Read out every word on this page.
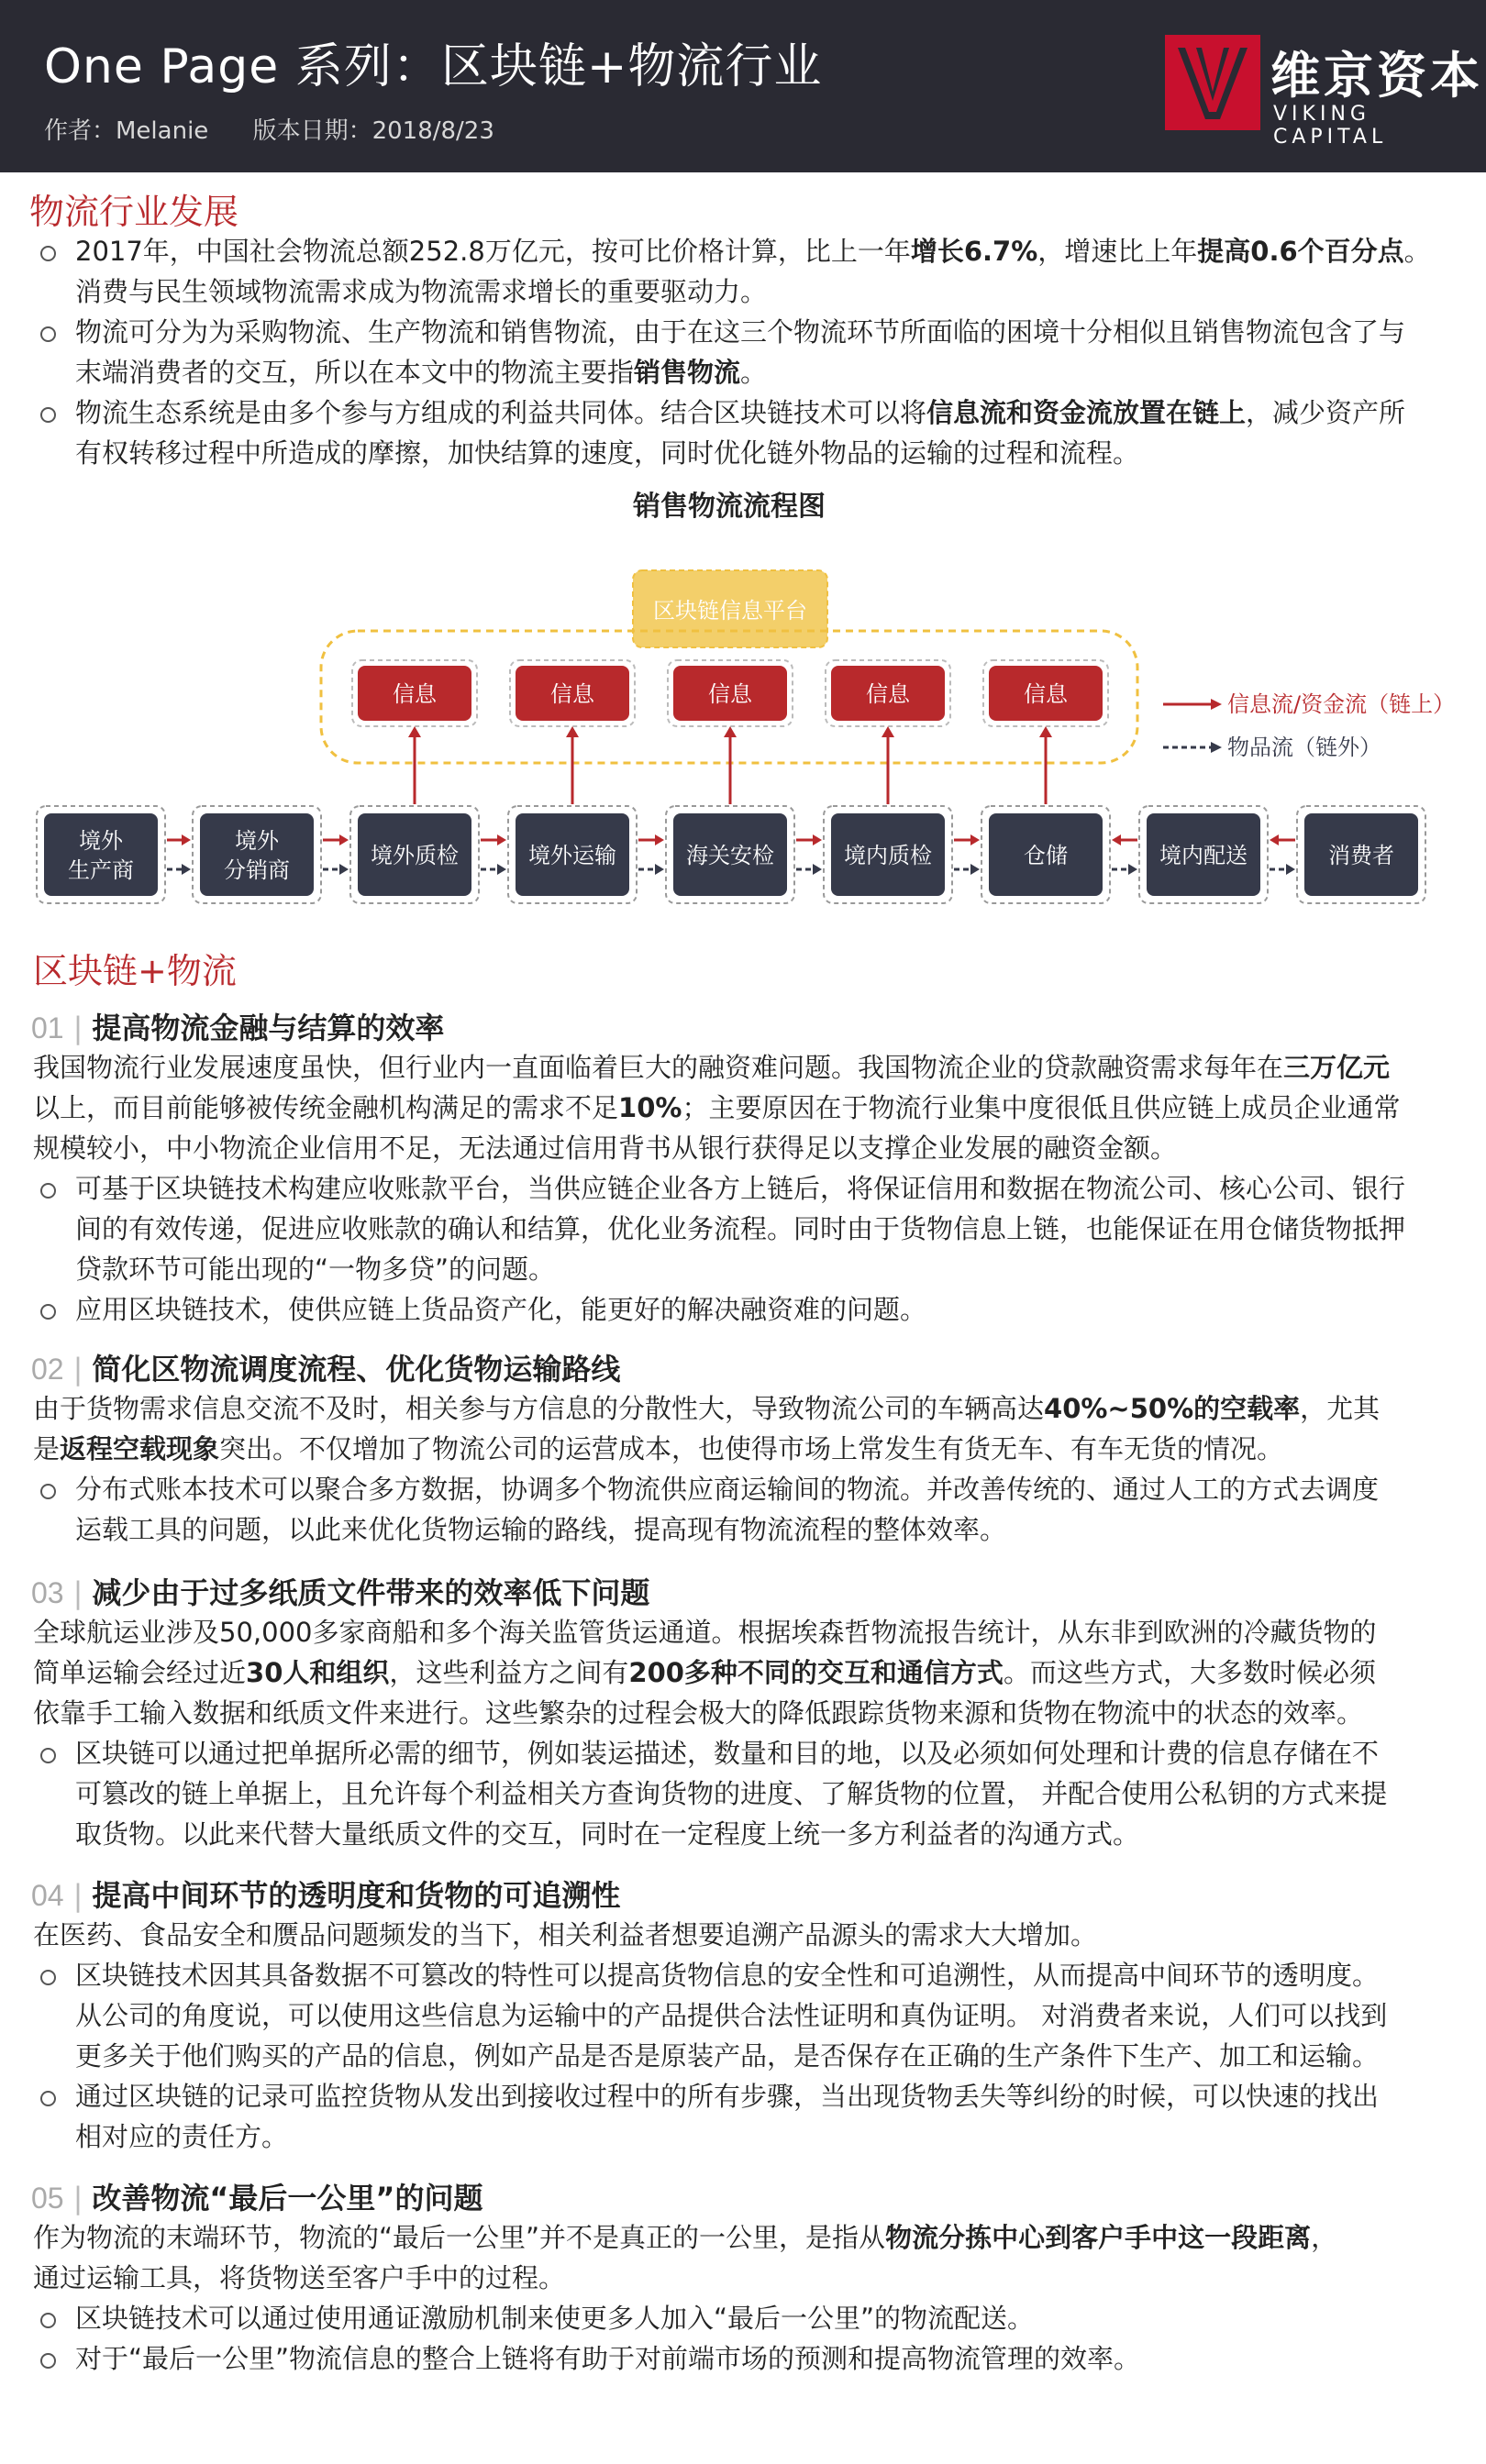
One Page 系列：区块链+物流行业
作者：Melanie 版本日期：2018/8/23
维京资本
VIKING CAPITAL
物流行业发展
2017年，中国社会物流总额252.8万亿元，按可比价格计算，比上一年增长6.7%，增速比上年提高0.6个百分点。
消费与民生领域物流需求成为物流需求增长的重要驱动力。
物流可分为为采购物流、生产物流和销售物流，由于在这三个物流环节所面临的困境十分相似且销售物流包含了与
末端消费者的交互，所以在本文中的物流主要指销售物流。
物流生态系统是由多个参与方组成的利益共同体。结合区块链技术可以将信息流和资金流放置在链上，减少资产所
有权转移过程中所造成的摩擦，加快结算的速度，同时优化链外物品的运输的过程和流程。
销售物流流程图
区块链信息平台
信息	信息	信息	信息	信息
境外
生产商
境外
分销商
境外质检	境外运输	海关安检	境内质检	仓储	境内配送	消费者
信息流/资金流（链上）
物品流（链外）
区块链+物流
01 | 提高物流金融与结算的效率
我国物流行业发展速度虽快，但行业内一直面临着巨大的融资难问题。我国物流企业的贷款融资需求每年在三万亿元
以上，而目前能够被传统金融机构满足的需求不足10%；主要原因在于物流行业集中度很低且供应链上成员企业通常
规模较小，中小物流企业信用不足，无法通过信用背书从银行获得足以支撑企业发展的融资金额。
可基于区块链技术构建应收账款平台，当供应链企业各方上链后，将保证信用和数据在物流公司、核心公司、银行
间的有效传递，促进应收账款的确认和结算，优化业务流程。同时由于货物信息上链，也能保证在用仓储货物抵押
贷款环节可能出现的“一物多贷”的问题。
应用区块链技术，使供应链上货品资产化，能更好的解决融资难的问题。
02 | 简化区物流调度流程、优化货物运输路线
由于货物需求信息交流不及时，相关参与方信息的分散性大，导致物流公司的车辆高达40%~50%的空载率，尤其
是返程空载现象突出。不仅增加了物流公司的运营成本，也使得市场上常发生有货无车、有车无货的情况。
分布式账本技术可以聚合多方数据，协调多个物流供应商运输间的物流。并改善传统的、通过人工的方式去调度
运载工具的问题，以此来优化货物运输的路线，提高现有物流流程的整体效率。
03 | 减少由于过多纸质文件带来的效率低下问题
全球航运业涉及50,000多家商船和多个海关监管货运通道。根据埃森哲物流报告统计，从东非到欧洲的冷藏货物的
简单运输会经过近30人和组织，这些利益方之间有200多种不同的交互和通信方式。而这些方式，大多数时候必须
依靠手工输入数据和纸质文件来进行。这些繁杂的过程会极大的降低跟踪货物来源和货物在物流中的状态的效率。
区块链可以通过把单据所必需的细节，例如装运描述，数量和目的地，以及必须如何处理和计费的信息存储在不
可篡改的链上单据上，且允许每个利益相关方查询货物的进度、了解货物的位置， 并配合使用公私钥的方式来提
取货物。以此来代替大量纸质文件的交互，同时在一定程度上统一多方利益者的沟通方式。
04 | 提高中间环节的透明度和货物的可追溯性
在医药、食品安全和赝品问题频发的当下，相关利益者想要追溯产品源头的需求大大增加。
区块链技术因其具备数据不可篡改的特性可以提高货物信息的安全性和可追溯性，从而提高中间环节的透明度。
从公司的角度说，可以使用这些信息为运输中的产品提供合法性证明和真伪证明。 对消费者来说，人们可以找到
更多关于他们购买的产品的信息，例如产品是否是原装产品，是否保存在正确的生产条件下生产、加工和运输。
通过区块链的记录可监控货物从发出到接收过程中的所有步骤，当出现货物丢失等纠纷的时候，可以快速的找出
相对应的责任方。
05 | 改善物流“最后一公里”的问题
作为物流的末端环节，物流的“最后一公里”并不是真正的一公里，是指从物流分拣中心到客户手中这一段距离，
通过运输工具，将货物送至客户手中的过程。
区块链技术可以通过使用通证激励机制来使更多人加入“最后一公里”的物流配送。
对于“最后一公里”物流信息的整合上链将有助于对前端市场的预测和提高物流管理的效率。
